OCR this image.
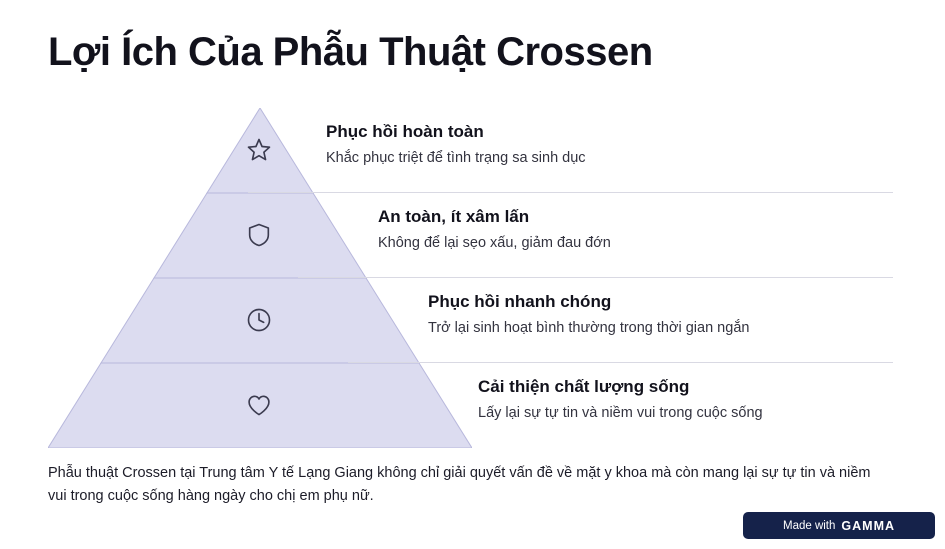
Lợi Ích Của Phẫu Thuật Crossen

Phục hồi hoàn toàn

Khắc phục triệt để tình trạng sa sinh dục

An toàn, ít xâm lấn

Không để lại sẹo xấu, giảm đau đớn

Phục hồi nhanh chóng

Trở lại sinh hoạt bình thường trong thời gian ngắn

Cải thiện chất lượng sống

Lấy lại sự tự tin và niềm vui trong cuộc sống

Phẫu thuật Crossen tại Trung tâm Y tế Lạng Giang không chỉ giải quyết vấn đề về mặt y khoa mà còn mang lại sự tự tin và niềm vui trong cuộc sống hàng ngày cho chị em phụ nữ.
Made with GAMMA
